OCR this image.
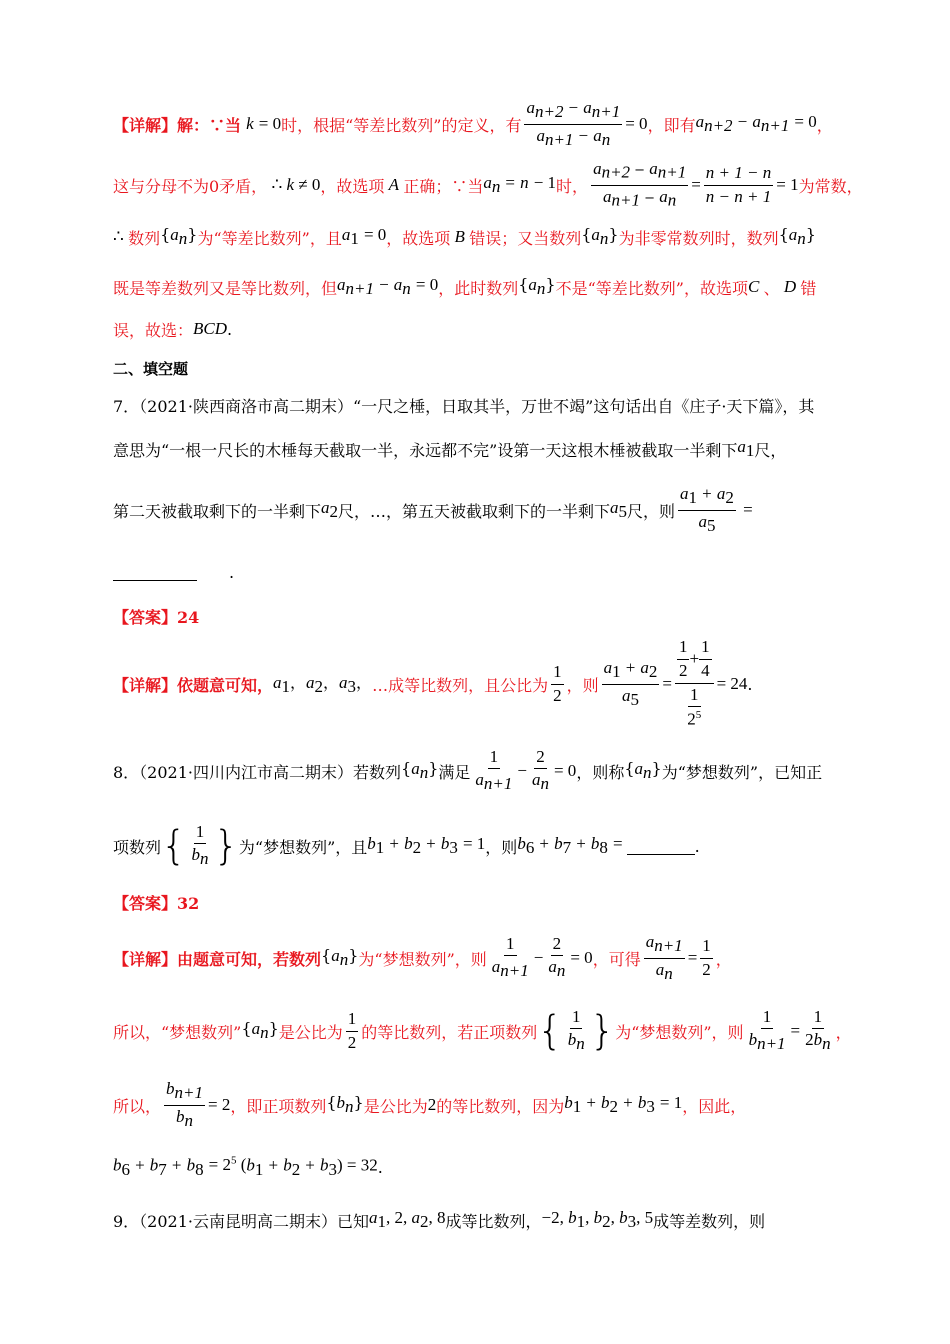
【详解】解：∵当 k = 0 时，根据“等差比数列”的定义，有 $\frac{a_{n+2} - a_{n+1}}{a_{n+1} - a_n} = 0$ ，即有 $a_{n+2} - a_{n+1} = 0$ ，
这与分母不为0矛盾， ∴ k ≠ 0 ，故选项 A 正确；∵当 $a_n = n - 1$ 时， $\frac{a_{n+2} - a_{n+1}}{a_{n+1} - a_n} = \frac{n + 1 - n}{n - n + 1} = 1$ 为常数，
∴ 数列 $\{a_n\}$ 为“等差比数列”，且 $a_1 = 0$ ，故选项 B 错误；又当数列 $\{a_n\}$ 为非零常数列时，数列 $\{a_n\}$
既是等差数列又是等比数列，但 $a_{n+1} - a_n = 0$ ，此时数列 $\{a_n\}$ 不是“等差比数列”，故选项 C 、 D 错
误，故选： BCD .
二、填空题
7．（2021·陕西商洛市高二期末）“一尺之棰，日取其半，万世不竭”这句话出自《庄子·天下篇》，其
意思为“一根一尺长的木棰每天截取一半，永远都不完”设第一天这根木棰被截取一半剩下 $a_1$ 尺，
第二天被截取剩下的一半剩下 $a_2$ 尺，…，第五天被截取剩下的一半剩下 $a_5$ 尺，则 $\frac{a_1 + a_2}{a_5}$ =
.
【答案】24
【详解】依题意可知， $a_1$，$a_2$，$a_3$， …成等比数列，且公比为 $\frac{1}{2}$ ，则 $\frac{a_1 + a_2}{a_5} = \frac{\frac{1}{2} + \frac{1}{4}}{\frac{1}{2^5}} = 24$ .
8．（2021·四川内江市高二期末）若数列 $\{a_n\}$ 满足 $\frac{1}{a_{n+1}} - \frac{2}{a_n} = 0$ ，则称 $\{a_n\}$ 为“梦想数列”，已知正
项数列 { $\frac{1}{b_n}$ } 为“梦想数列”，且 $b_1 + b_2 + b_3 = 1$ ，则 $b_6 + b_7 + b_8$ =	.
【答案】32
【详解】由题意可知，若数列 $\{a_n\}$ 为“梦想数列”，则 $\frac{1}{a_{n+1}} - \frac{2}{a_n} = 0$ ，可得 $\frac{a_{n+1}}{a_n} = \frac{1}{2}$ ，
所以，“梦想数列” $\{a_n\}$ 是公比为 $\frac{1}{2}$ 的等比数列，若正项数列 { $\frac{1}{b_n}$ } 为“梦想数列”，则 $\frac{1}{b_{n+1}} = \frac{1}{2b_n}$ ，
所以， $\frac{b_{n+1}}{b_n} = 2$ ，即正项数列 $\{b_n\}$ 是公比为 2 的等比数列，因为 $b_1 + b_2 + b_3 = 1$ ，因此，
$b_6 + b_7 + b_8 = 2^5$ $(b_1 + b_2 + b_3) = 32$ .
9．（2021·云南昆明高二期末）已知 $a_1$, 2, $a_2$, 8 成等比数列， −2, $b_1$, $b_2$, $b_3$, 5 成等差数列，则
